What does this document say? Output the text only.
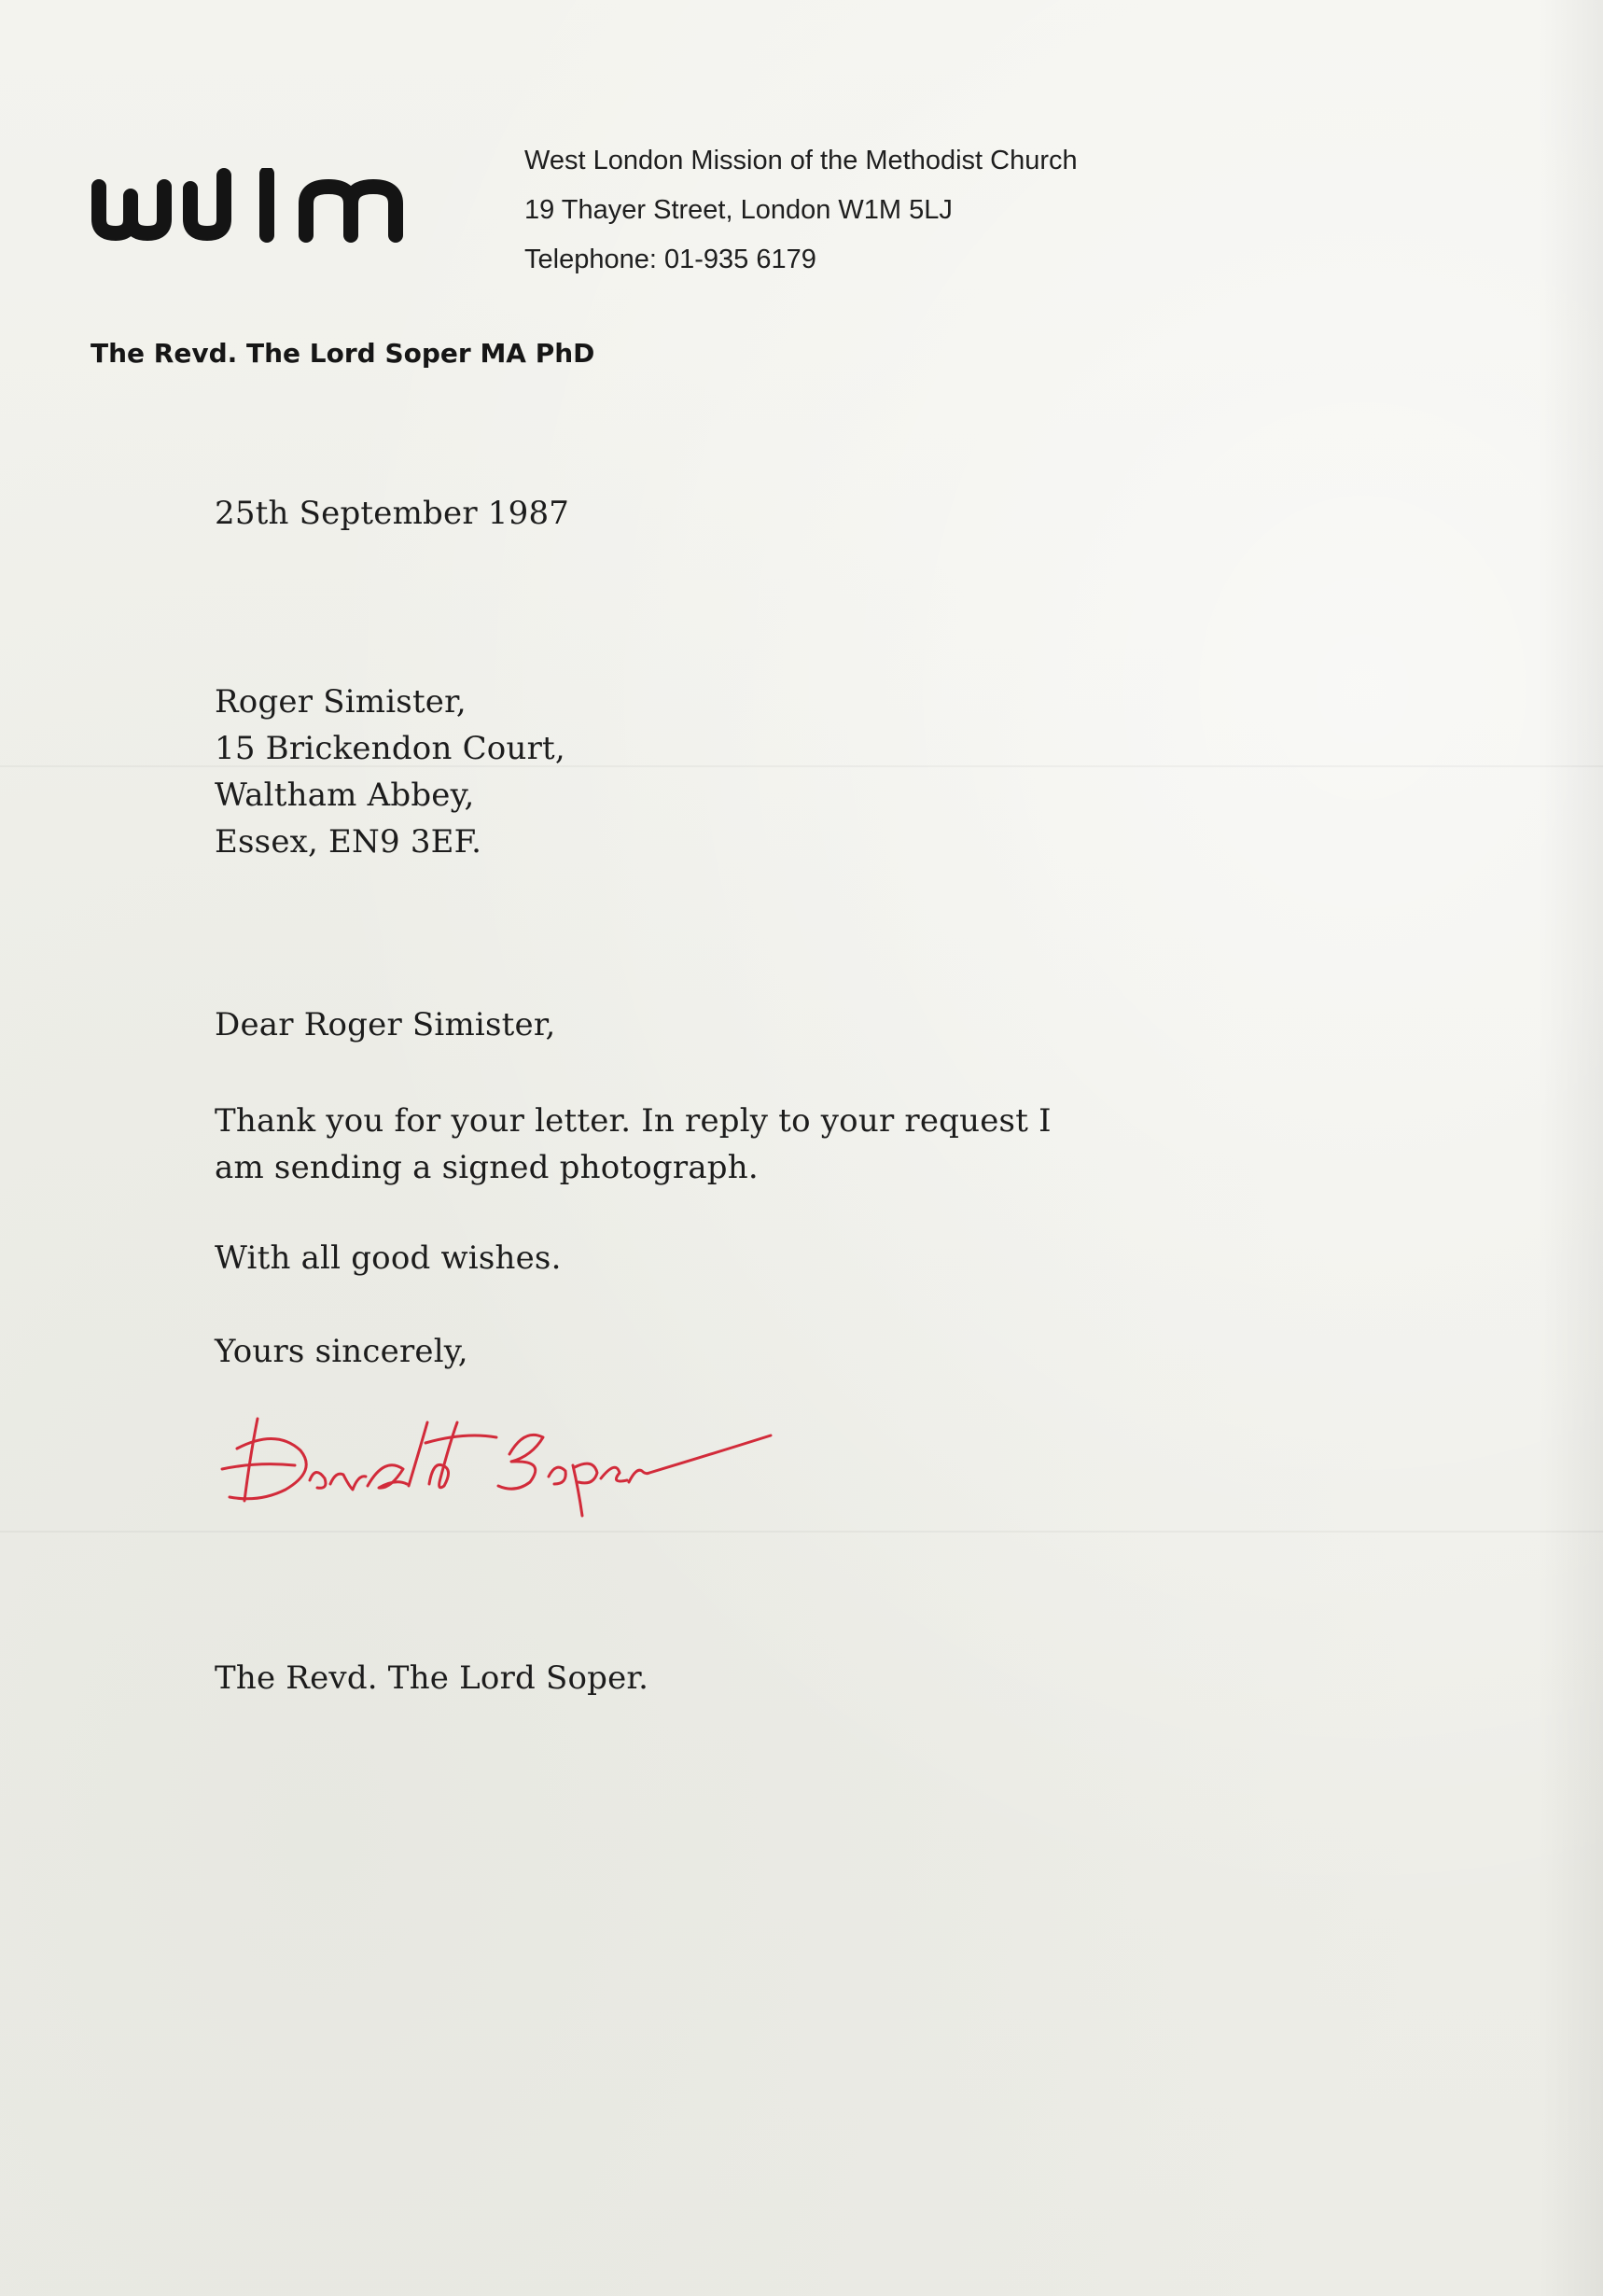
West London Mission of the Methodist Church
19 Thayer Street, London W1M 5LJ
Telephone: 01-935 6179
The Revd. The Lord Soper MA PhD
25th September 1987
Roger Simister,
15 Brickendon Court,
Waltham Abbey,
Essex, EN9 3EF.
Dear Roger Simister,
Thank you for your letter. In reply to your request I
am sending a signed photograph.
With all good wishes.
Yours sincerely,
The Revd. The Lord Soper.
